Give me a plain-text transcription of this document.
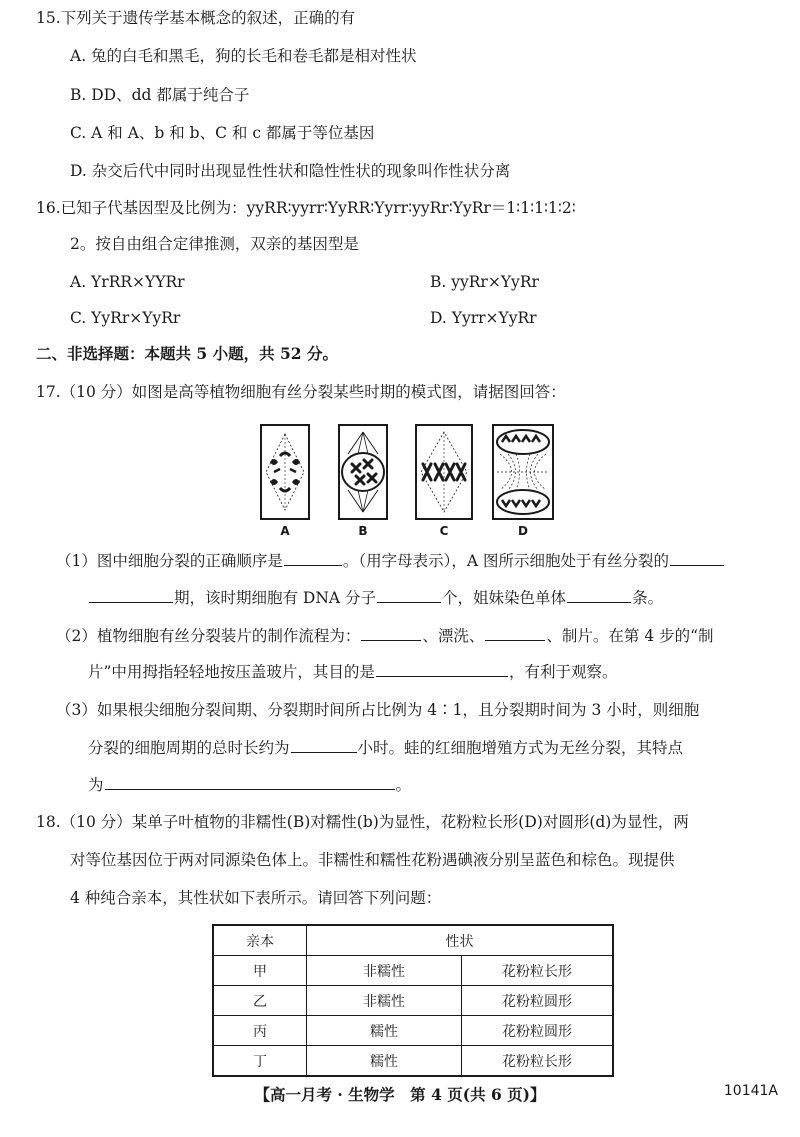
15.下列关于遗传学基本概念的叙述，正确的有
A. 兔的白毛和黑毛，狗的长毛和卷毛都是相对性状
B. DD、dd 都属于纯合子
C. A 和 A、b 和 b、C 和 c 都属于等位基因
D. 杂交后代中同时出现显性性状和隐性性状的现象叫作性状分离
16.已知子代基因型及比例为：yyRR∶yyrr∶YyRR∶Yyrr∶yyRr∶YyRr＝1∶1∶1∶1∶2∶
2。按自由组合定律推测，双亲的基因型是
A. YrRR×YYRr	B. yyRr×YyRr
C. YyRr×YyRr	D. Yyrr×YyRr
二、非选择题：本题共 5 小题，共 52 分。
17.（10 分）如图是高等植物细胞有丝分裂某些时期的模式图，请据图回答：
A	B	C	D
（1）图中细胞分裂的正确顺序是	。（用字母表示），A 图所示细胞处于有丝分裂的
期，该时期细胞有 DNA 分子	个，姐妹染色单体	条。
（2）植物细胞有丝分裂装片的制作流程为：	、漂洗、	、制片。在第 4 步的“制
片”中用拇指轻轻地按压盖玻片，其目的是	，有利于观察。
（3）如果根尖细胞分裂间期、分裂期时间所占比例为 4∶1，且分裂期时间为 3 小时，则细胞
分裂的细胞周期的总时长约为	小时。蛙的红细胞增殖方式为无丝分裂，其特点
为	。
18.（10 分）某单子叶植物的非糯性(B)对糯性(b)为显性，花粉粒长形(D)对圆形(d)为显性，两
对等位基因位于两对同源染色体上。非糯性和糯性花粉遇碘液分别呈蓝色和棕色。现提供
4 种纯合亲本，其性状如下表所示。请回答下列问题：
亲本	性状	
甲	非糯性	花粉粒长形
乙	非糯性	花粉粒圆形
丙	糯性	花粉粒圆形
丁	糯性	花粉粒长形
【高一月考 · 生物学　第 4 页(共 6 页)】	10141A
